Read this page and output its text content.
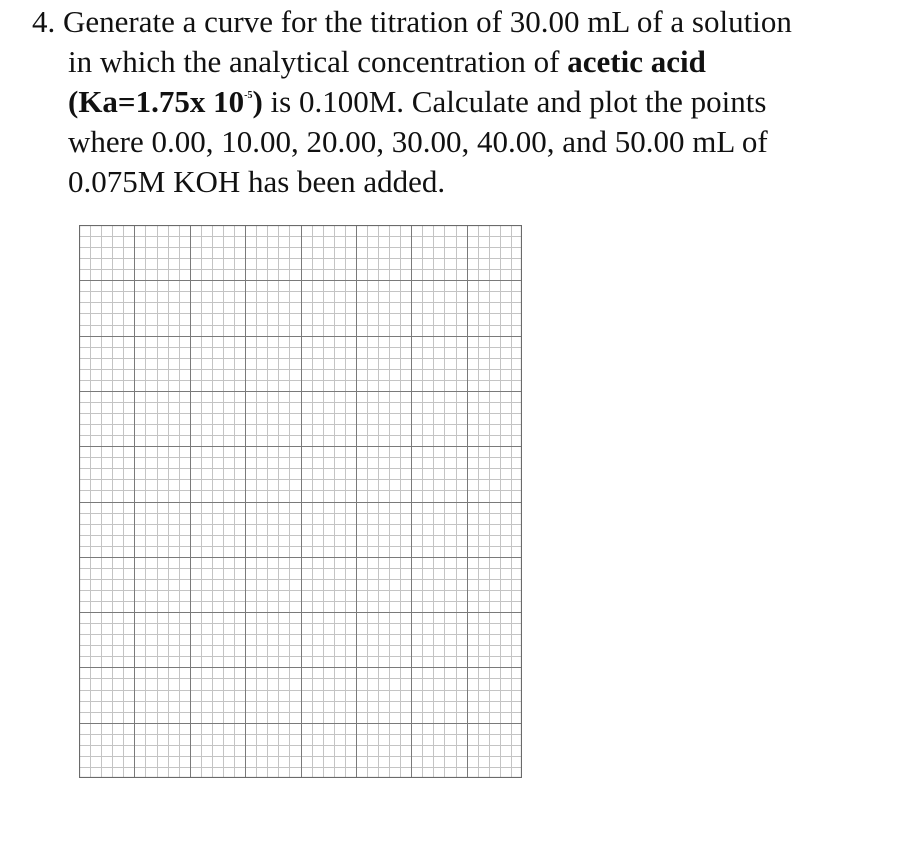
4. Generate a curve for the titration of 30.00 mL of a solution
in which the analytical concentration of acetic acid
(Ka=1.75x $10^{-5}$) is 0.100M. Calculate and plot the points
where 0.00, 10.00, 20.00, 30.00, 40.00, and 50.00 mL of
0.075M KOH has been added.
